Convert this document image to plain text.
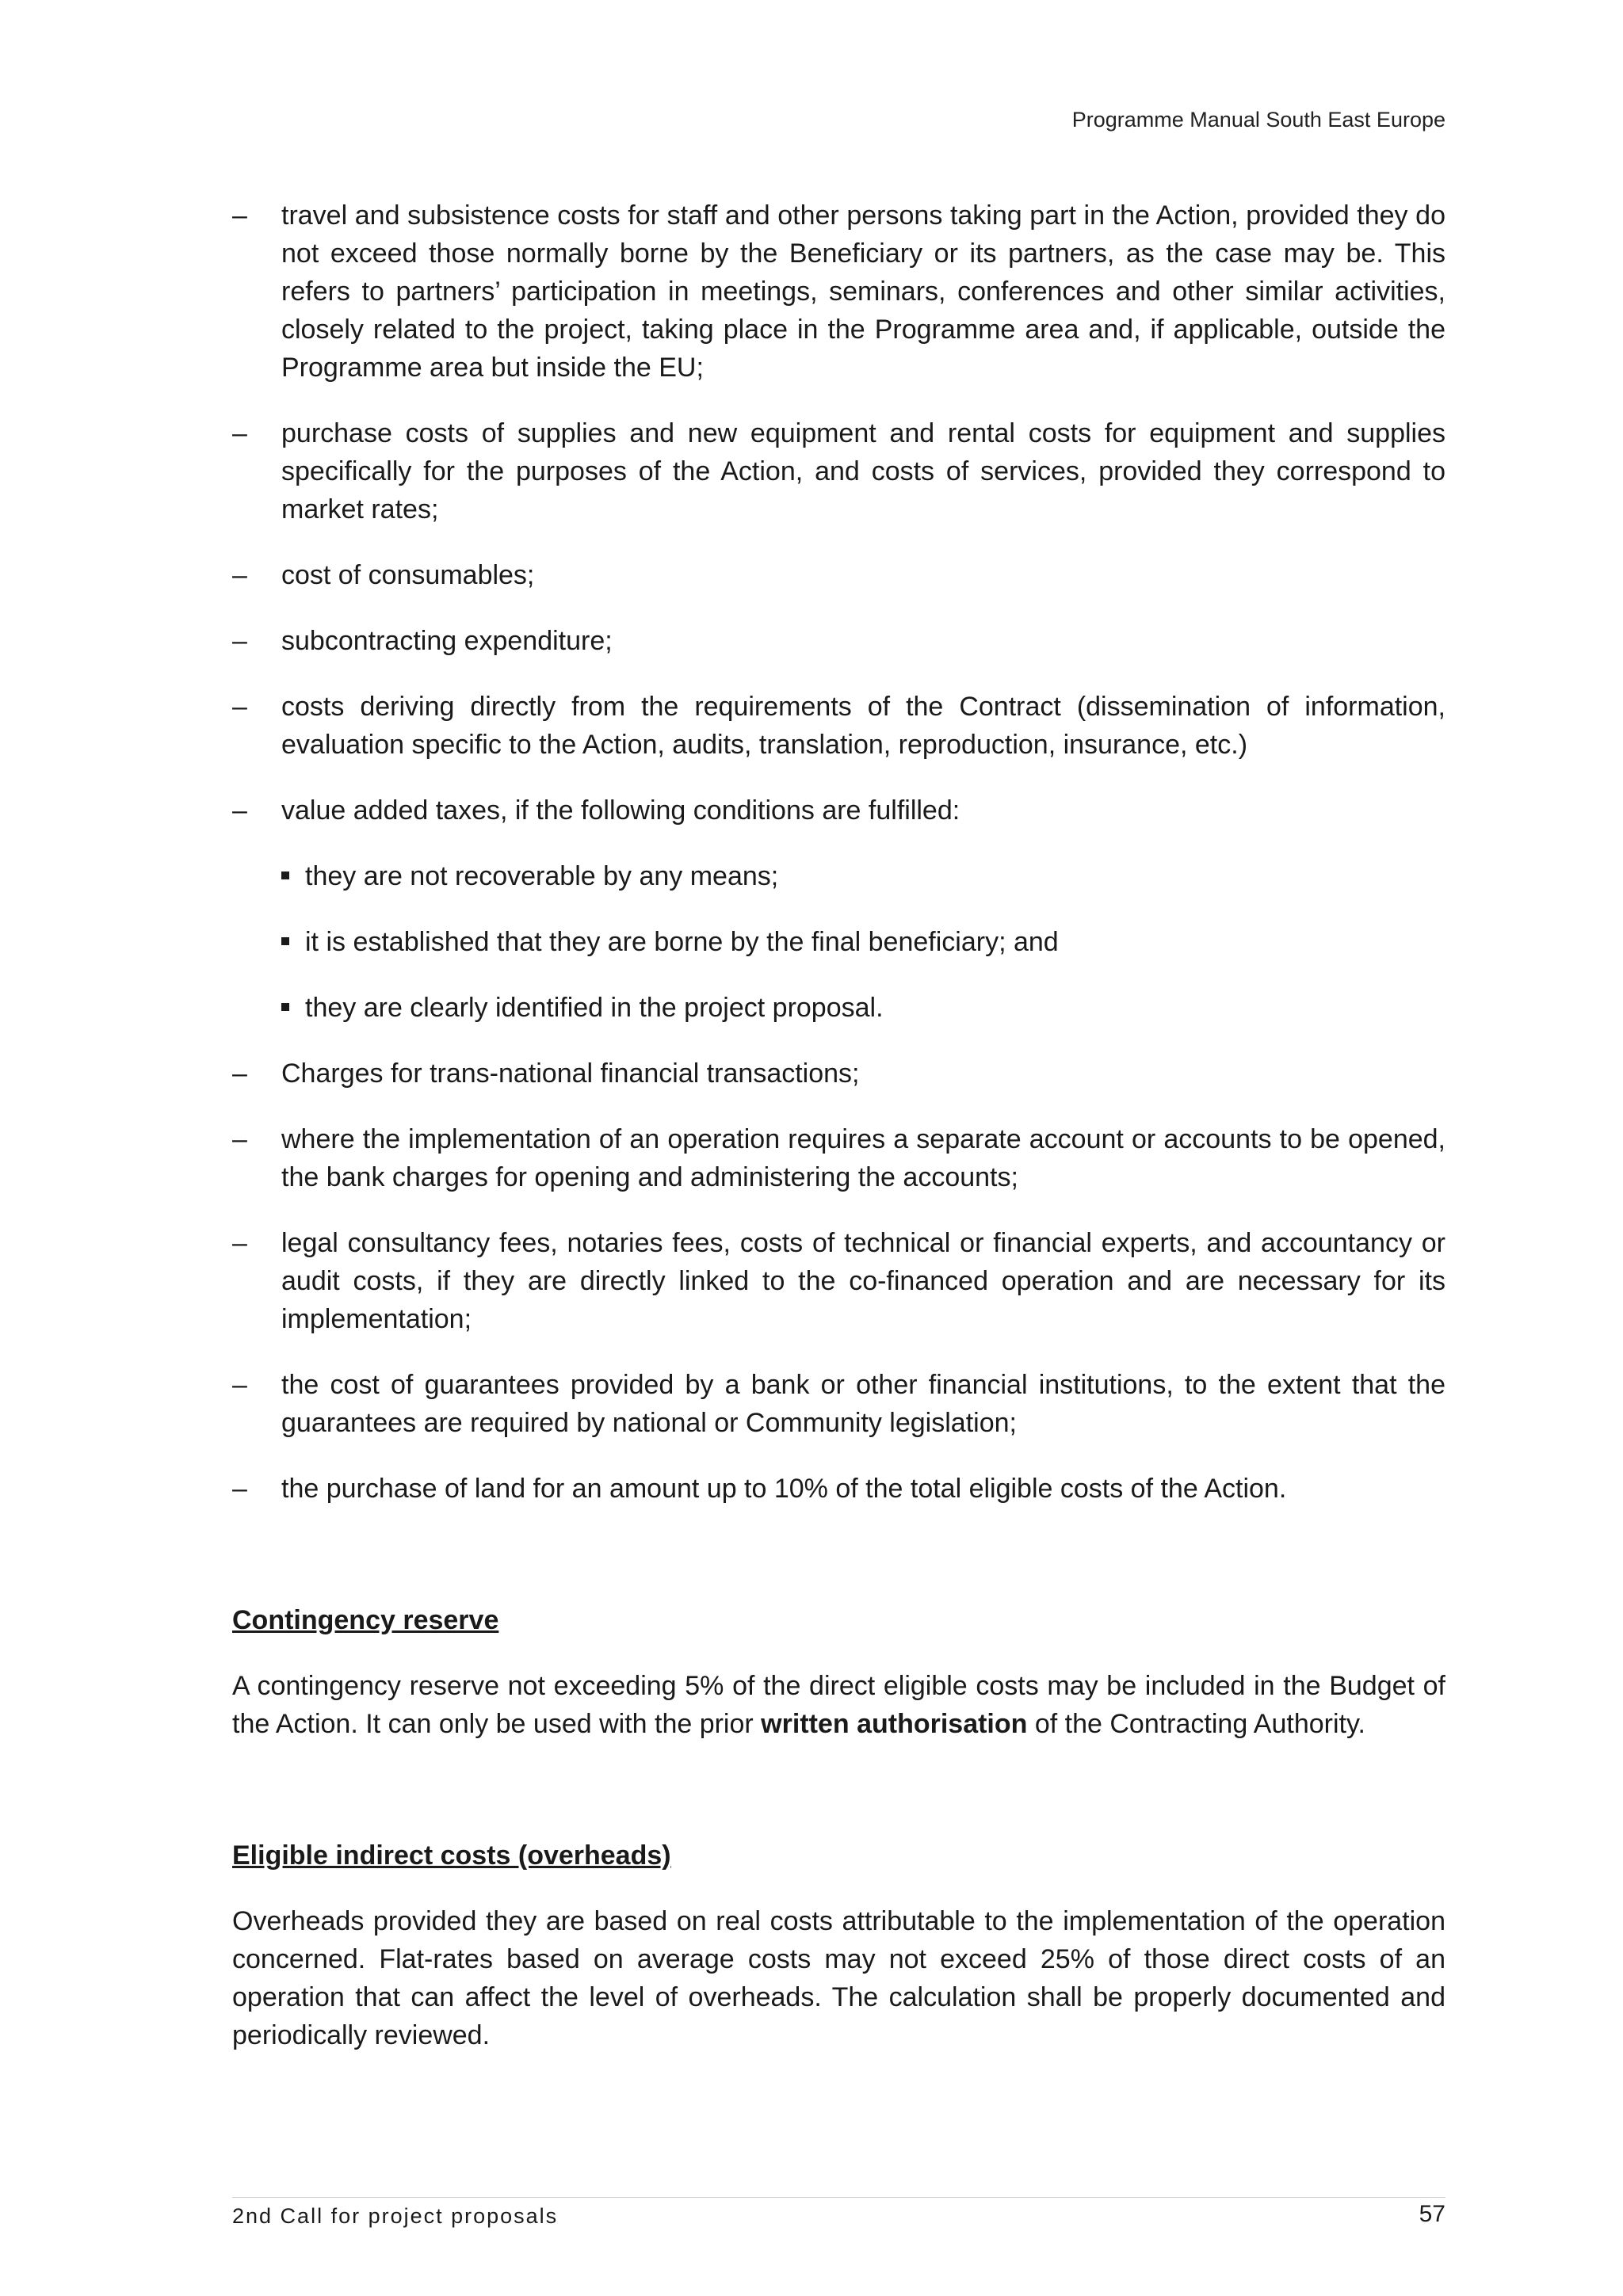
Programme Manual South East Europe
– travel and subsistence costs for staff and other persons taking part in the Action, provided they do not exceed those normally borne by the Beneficiary or its partners, as the case may be. This refers to partners’ participation in meetings, seminars, conferences and other similar activities, closely related to the project, taking place in the Programme area and, if applicable, outside the Programme area but inside the EU;
– purchase costs of supplies and new equipment and rental costs for equipment and supplies specifically for the purposes of the Action, and costs of services, provided they correspond to market rates;
– cost of consumables;
– subcontracting expenditure;
– costs deriving directly from the requirements of the Contract (dissemination of information, evaluation specific to the Action, audits, translation, reproduction, insurance, etc.)
– value added taxes, if the following conditions are fulfilled:
they are not recoverable by any means;
it is established that they are borne by the final beneficiary; and
they are clearly identified in the project proposal.
– Charges for trans-national financial transactions;
– where the implementation of an operation requires a separate account or accounts to be opened, the bank charges for opening and administering the accounts;
– legal consultancy fees, notaries fees, costs of technical or financial experts, and accountancy or audit costs, if they are directly linked to the co-financed operation and are necessary for its implementation;
– the cost of guarantees provided by a bank or other financial institutions, to the extent that the guarantees are required by national or Community legislation;
– the purchase of land for an amount up to 10% of the total eligible costs of the Action.
Contingency reserve

A contingency reserve not exceeding 5% of the direct eligible costs may be included in the Budget of the Action. It can only be used with the prior written authorisation of the Contracting Authority.

Eligible indirect costs (overheads)

Overheads provided they are based on real costs attributable to the implementation of the operation concerned. Flat-rates based on average costs may not exceed 25% of those direct costs of an operation that can affect the level of overheads. The calculation shall be properly documented and periodically reviewed.

2nd Call for project proposals	57
